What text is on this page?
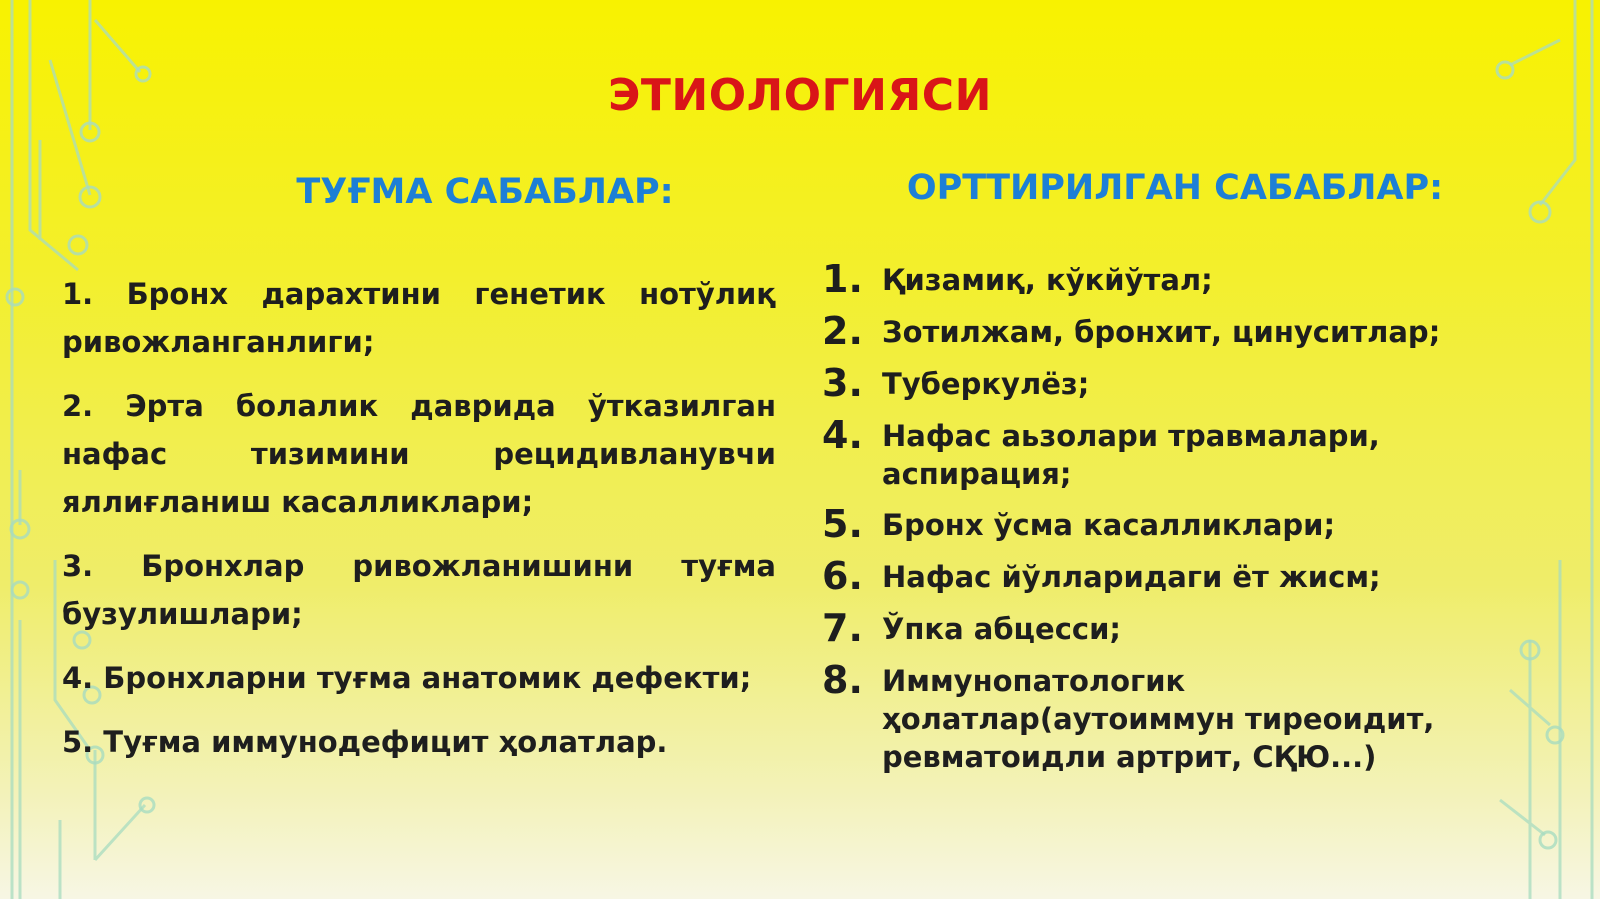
ЭТИОЛОГИЯСИ
ТУҒМА САБАБЛАР:	ОРТТИРИЛГАН САБАБЛАР:
1. Бронх дарахтини генетик нотўлиқ ривожланганлиги;
2. Эрта болалик даврида ўтказилган нафас тизимини рецидивланувчи яллиғланиш касалликлари;
3. Бронхлар ривожланишини туғма бузулишлари;
4. Бронхларни туғма анатомик дефекти;
5. Туғма иммунодефицит ҳолатлар.
1. Қизамиқ, кўкйўтал;
2. Зотилжам, бронхит, цинуситлар;
3. Туберкулёз;
4. Нафас аьзолари травмалари, аспирация;
5. Бронх ўсма касалликлари;
6. Нафас йўлларидаги ёт жисм;
7. Ўпка абцесси;
8. Иммунопатологик ҳолатлар(аутоиммун тиреоидит, ревматоидли артрит, СҚЮ...)
